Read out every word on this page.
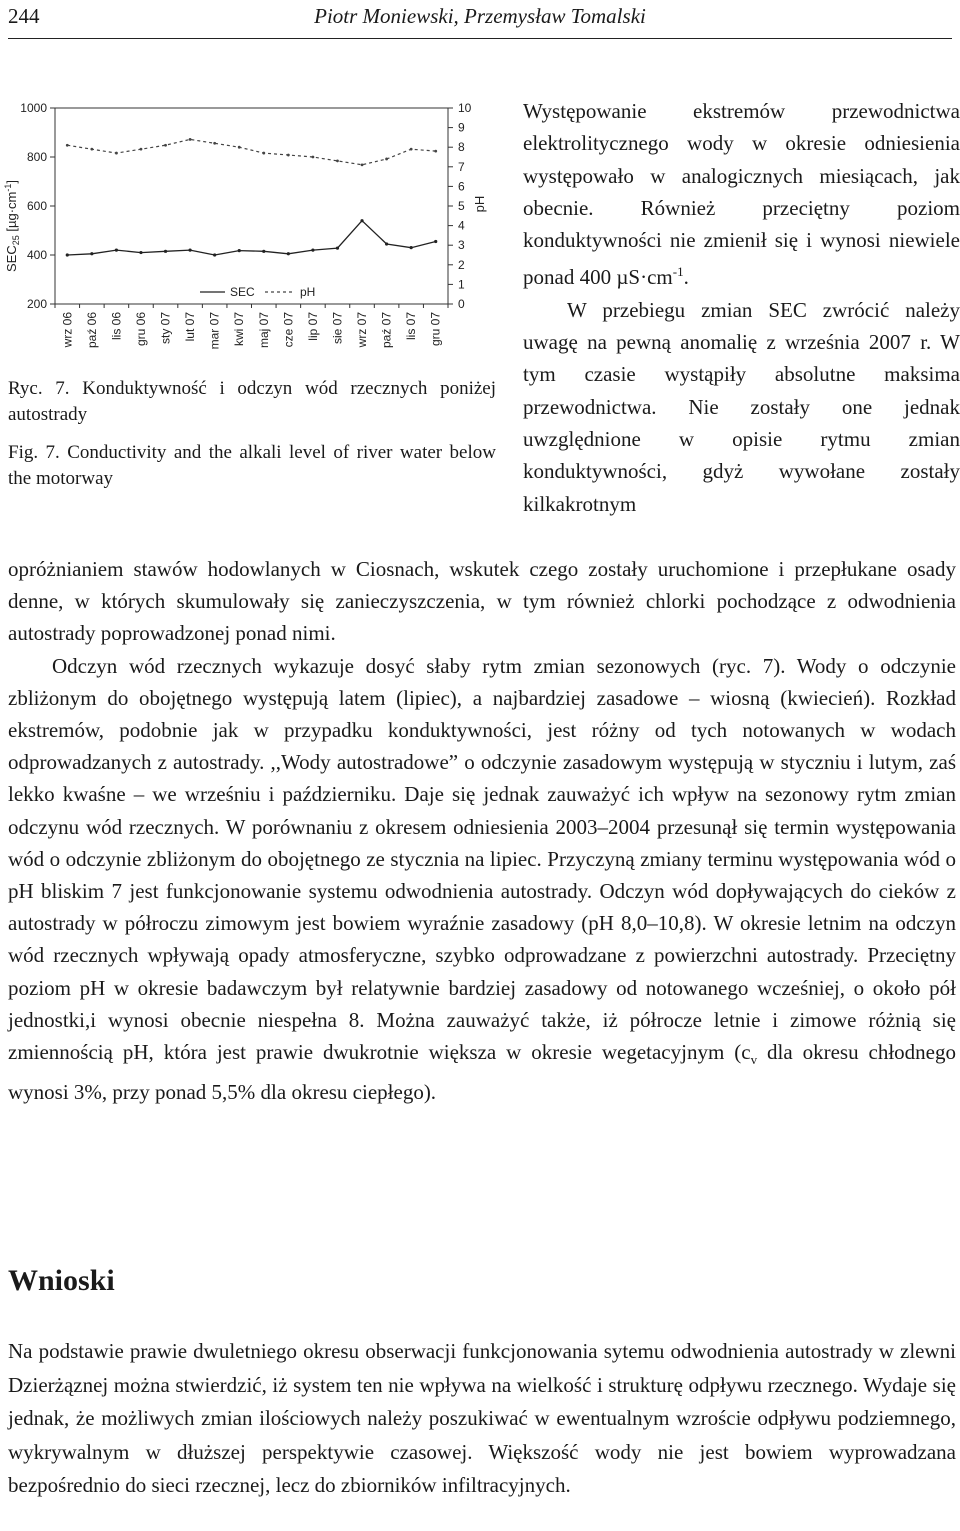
244	Piotr Moniewski, Przemysław Tomalski
$SEC_{25}$ $[\mu g\cdot cm^{-1}]$
pH
200
400
600
800
1000
0
1
2
3
4
5
6
7
8
9
10
wrz 06 paź 06 lis 06 gru 06 sty 07 lut 07 mar 07 kwi 07 maj 07 cze 07 lip 07 sie 07 wrz 07 paź 07 lis 07 gru 07
SEC	pH
Ryc. 7. Konduktywność i odczyn wód rzecznych poniżej autostrady
Fig. 7. Conductivity and the alkali level of river water below the motorway

Występowanie ekstremów przewodnictwa elektrolitycznego wody w okresie odniesienia występowało w analogicznych miesiącach, jak obecnie. Również przeciętny poziom konduktywności nie zmienił się i wynosi niewiele ponad 400 $\mu S\cdot cm^{-1}$.

W przebiegu zmian SEC zwrócić należy uwagę na pewną anomalię z września 2007 r. W tym czasie wystąpiły absolutne maksima przewodnictwa. Nie zostały one jednak uwzględnione w opisie rytmu zmian konduktywności, gdyż wywołane zostały kilkakrotnym

opróżnianiem stawów hodowlanych w Ciosnach, wskutek czego zostały uruchomione i przepłukane osady denne, w których skumulowały się zanieczyszczenia, w tym również chlorki pochodzące z odwodnienia autostrady poprowadzonej ponad nimi.

Odczyn wód rzecznych wykazuje dosyć słaby rytm zmian sezonowych (ryc. 7). Wody o odczynie zbliżonym do obojętnego występują latem (lipiec), a najbardziej zasadowe – wiosną (kwiecień). Rozkład ekstremów, podobnie jak w przypadku konduktywności, jest różny od tych notowanych w wodach odprowadzanych z autostrady. ,,Wody autostradowe” o odczynie zasadowym występują w styczniu i lutym, zaś lekko kwaśne – we wrześniu i październiku. Daje się jednak zauważyć ich wpływ na sezonowy rytm zmian odczynu wód rzecznych. W porównaniu z okresem odniesienia 2003–2004 przesunął się termin występowania wód o odczynie zbliżonym do obojętnego ze stycznia na lipiec. Przyczyną zmiany terminu występowania wód o pH bliskim 7 jest funkcjonowanie systemu odwodnienia autostrady. Odczyn wód dopływających do cieków z autostrady w półroczu zimowym jest bowiem wyraźnie zasadowy (pH 8,0–10,8). W okresie letnim na odczyn wód rzecznych wpływają opady atmosferyczne, szybko odprowadzane z powierzchni autostrady. Przeciętny poziom pH w okresie badawczym był relatywnie bardziej zasadowy od notowanego wcześniej, o około pół jednostki,i wynosi obecnie niespełna 8. Można zauważyć także, iż półrocze letnie i zimowe różnią się zmiennością pH, która jest prawie dwukrotnie większa w okresie wegetacyjnym ($c_v$ dla okresu chłodnego wynosi 3%, przy ponad 5,5% dla okresu ciepłego).

Wnioski

Na podstawie prawie dwuletniego okresu obserwacji funkcjonowania sytemu odwodnienia autostrady w zlewni Dzierżąznej można stwierdzić, iż system ten nie wpływa na wielkość i strukturę odpływu rzecznego. Wydaje się jednak, że możliwych zmian ilościowych należy poszukiwać w ewentualnym wzroście odpływu podziemnego, wykrywalnym w dłuższej perspektywie czasowej. Większość wody nie jest bowiem wyprowadzana bezpośrednio do sieci rzecznej, lecz do zbiorników infiltracyjnych.
